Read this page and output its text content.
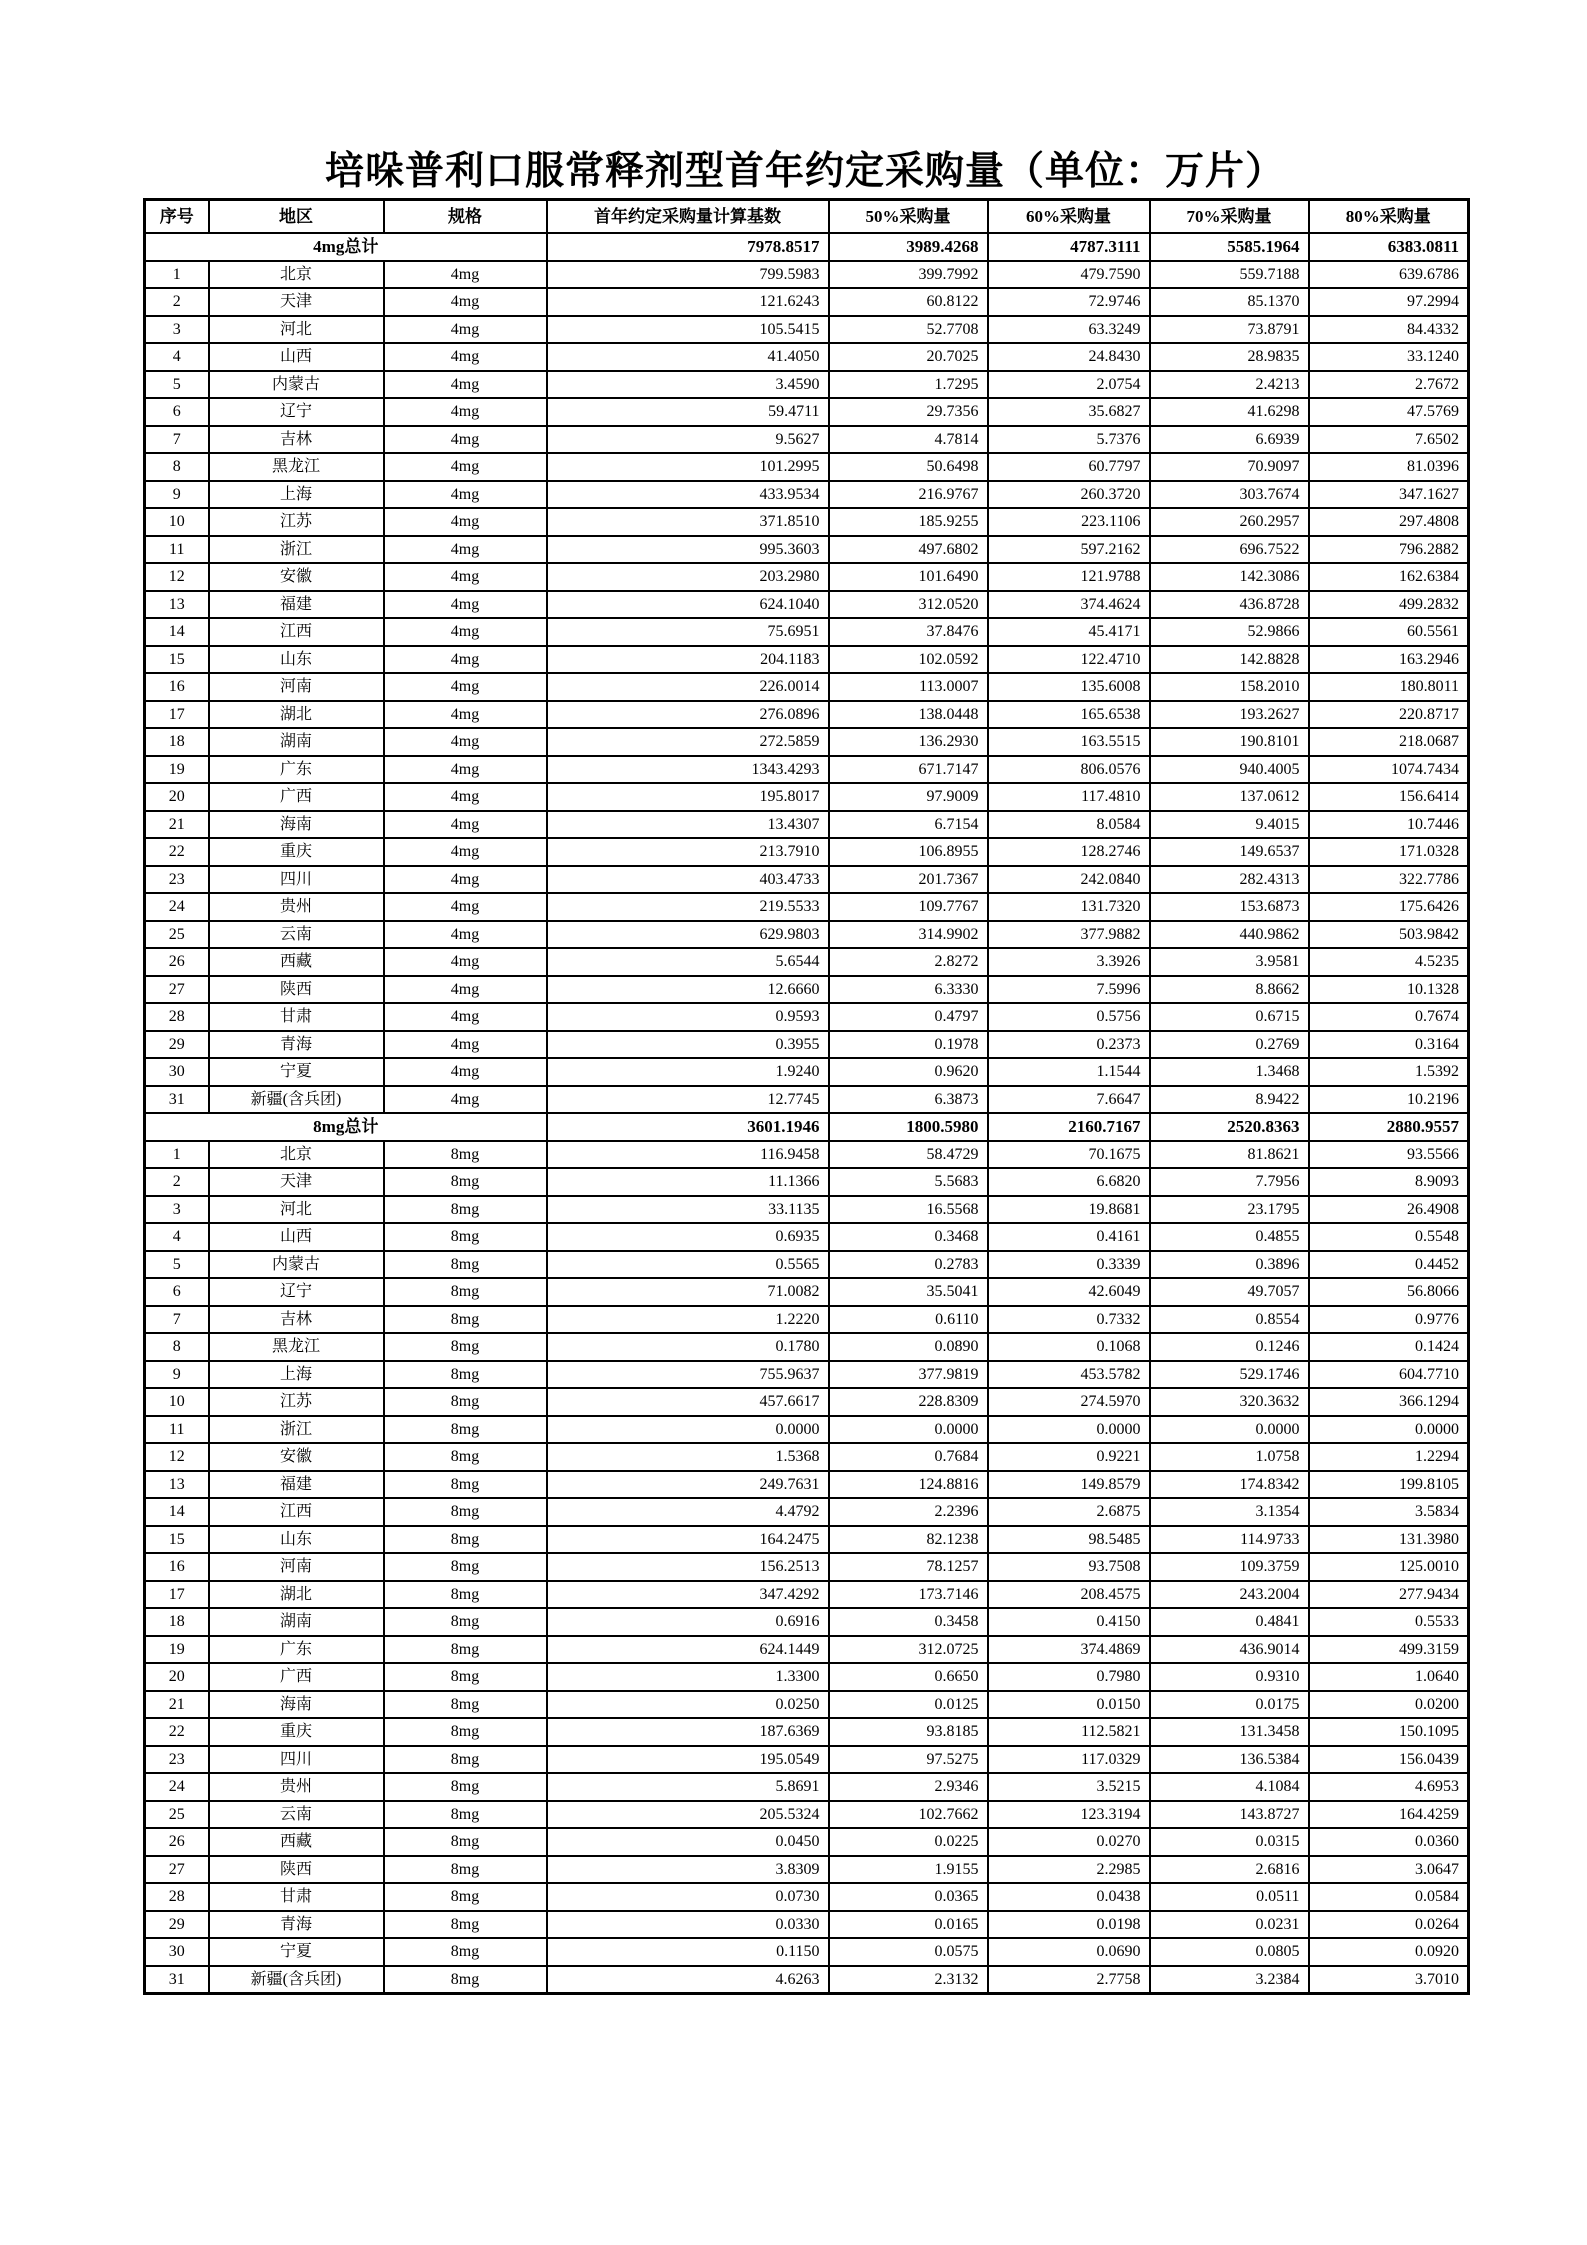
培哚普利口服常释剂型首年约定采购量（单位：万片）
序号	地区	规格	首年约定采购量计算基数	50%采购量	60%采购量	70%采购量	80%采购量
4mg总计			7978.8517	3989.4268	4787.3111	5585.1964	6383.0811
1	北京	4mg	799.5983	399.7992	479.7590	559.7188	639.6786
2	天津	4mg	121.6243	60.8122	72.9746	85.1370	97.2994
3	河北	4mg	105.5415	52.7708	63.3249	73.8791	84.4332
4	山西	4mg	41.4050	20.7025	24.8430	28.9835	33.1240
5	内蒙古	4mg	3.4590	1.7295	2.0754	2.4213	2.7672
6	辽宁	4mg	59.4711	29.7356	35.6827	41.6298	47.5769
7	吉林	4mg	9.5627	4.7814	5.7376	6.6939	7.6502
8	黑龙江	4mg	101.2995	50.6498	60.7797	70.9097	81.0396
9	上海	4mg	433.9534	216.9767	260.3720	303.7674	347.1627
10	江苏	4mg	371.8510	185.9255	223.1106	260.2957	297.4808
11	浙江	4mg	995.3603	497.6802	597.2162	696.7522	796.2882
12	安徽	4mg	203.2980	101.6490	121.9788	142.3086	162.6384
13	福建	4mg	624.1040	312.0520	374.4624	436.8728	499.2832
14	江西	4mg	75.6951	37.8476	45.4171	52.9866	60.5561
15	山东	4mg	204.1183	102.0592	122.4710	142.8828	163.2946
16	河南	4mg	226.0014	113.0007	135.6008	158.2010	180.8011
17	湖北	4mg	276.0896	138.0448	165.6538	193.2627	220.8717
18	湖南	4mg	272.5859	136.2930	163.5515	190.8101	218.0687
19	广东	4mg	1343.4293	671.7147	806.0576	940.4005	1074.7434
20	广西	4mg	195.8017	97.9009	117.4810	137.0612	156.6414
21	海南	4mg	13.4307	6.7154	8.0584	9.4015	10.7446
22	重庆	4mg	213.7910	106.8955	128.2746	149.6537	171.0328
23	四川	4mg	403.4733	201.7367	242.0840	282.4313	322.7786
24	贵州	4mg	219.5533	109.7767	131.7320	153.6873	175.6426
25	云南	4mg	629.9803	314.9902	377.9882	440.9862	503.9842
26	西藏	4mg	5.6544	2.8272	3.3926	3.9581	4.5235
27	陕西	4mg	12.6660	6.3330	7.5996	8.8662	10.1328
28	甘肃	4mg	0.9593	0.4797	0.5756	0.6715	0.7674
29	青海	4mg	0.3955	0.1978	0.2373	0.2769	0.3164
30	宁夏	4mg	1.9240	0.9620	1.1544	1.3468	1.5392
31	新疆(含兵团)	4mg	12.7745	6.3873	7.6647	8.9422	10.2196
8mg总计			3601.1946	1800.5980	2160.7167	2520.8363	2880.9557
1	北京	8mg	116.9458	58.4729	70.1675	81.8621	93.5566
2	天津	8mg	11.1366	5.5683	6.6820	7.7956	8.9093
3	河北	8mg	33.1135	16.5568	19.8681	23.1795	26.4908
4	山西	8mg	0.6935	0.3468	0.4161	0.4855	0.5548
5	内蒙古	8mg	0.5565	0.2783	0.3339	0.3896	0.4452
6	辽宁	8mg	71.0082	35.5041	42.6049	49.7057	56.8066
7	吉林	8mg	1.2220	0.6110	0.7332	0.8554	0.9776
8	黑龙江	8mg	0.1780	0.0890	0.1068	0.1246	0.1424
9	上海	8mg	755.9637	377.9819	453.5782	529.1746	604.7710
10	江苏	8mg	457.6617	228.8309	274.5970	320.3632	366.1294
11	浙江	8mg	0.0000	0.0000	0.0000	0.0000	0.0000
12	安徽	8mg	1.5368	0.7684	0.9221	1.0758	1.2294
13	福建	8mg	249.7631	124.8816	149.8579	174.8342	199.8105
14	江西	8mg	4.4792	2.2396	2.6875	3.1354	3.5834
15	山东	8mg	164.2475	82.1238	98.5485	114.9733	131.3980
16	河南	8mg	156.2513	78.1257	93.7508	109.3759	125.0010
17	湖北	8mg	347.4292	173.7146	208.4575	243.2004	277.9434
18	湖南	8mg	0.6916	0.3458	0.4150	0.4841	0.5533
19	广东	8mg	624.1449	312.0725	374.4869	436.9014	499.3159
20	广西	8mg	1.3300	0.6650	0.7980	0.9310	1.0640
21	海南	8mg	0.0250	0.0125	0.0150	0.0175	0.0200
22	重庆	8mg	187.6369	93.8185	112.5821	131.3458	150.1095
23	四川	8mg	195.0549	97.5275	117.0329	136.5384	156.0439
24	贵州	8mg	5.8691	2.9346	3.5215	4.1084	4.6953
25	云南	8mg	205.5324	102.7662	123.3194	143.8727	164.4259
26	西藏	8mg	0.0450	0.0225	0.0270	0.0315	0.0360
27	陕西	8mg	3.8309	1.9155	2.2985	2.6816	3.0647
28	甘肃	8mg	0.0730	0.0365	0.0438	0.0511	0.0584
29	青海	8mg	0.0330	0.0165	0.0198	0.0231	0.0264
30	宁夏	8mg	0.1150	0.0575	0.0690	0.0805	0.0920
31	新疆(含兵团)	8mg	4.6263	2.3132	2.7758	3.2384	3.7010
